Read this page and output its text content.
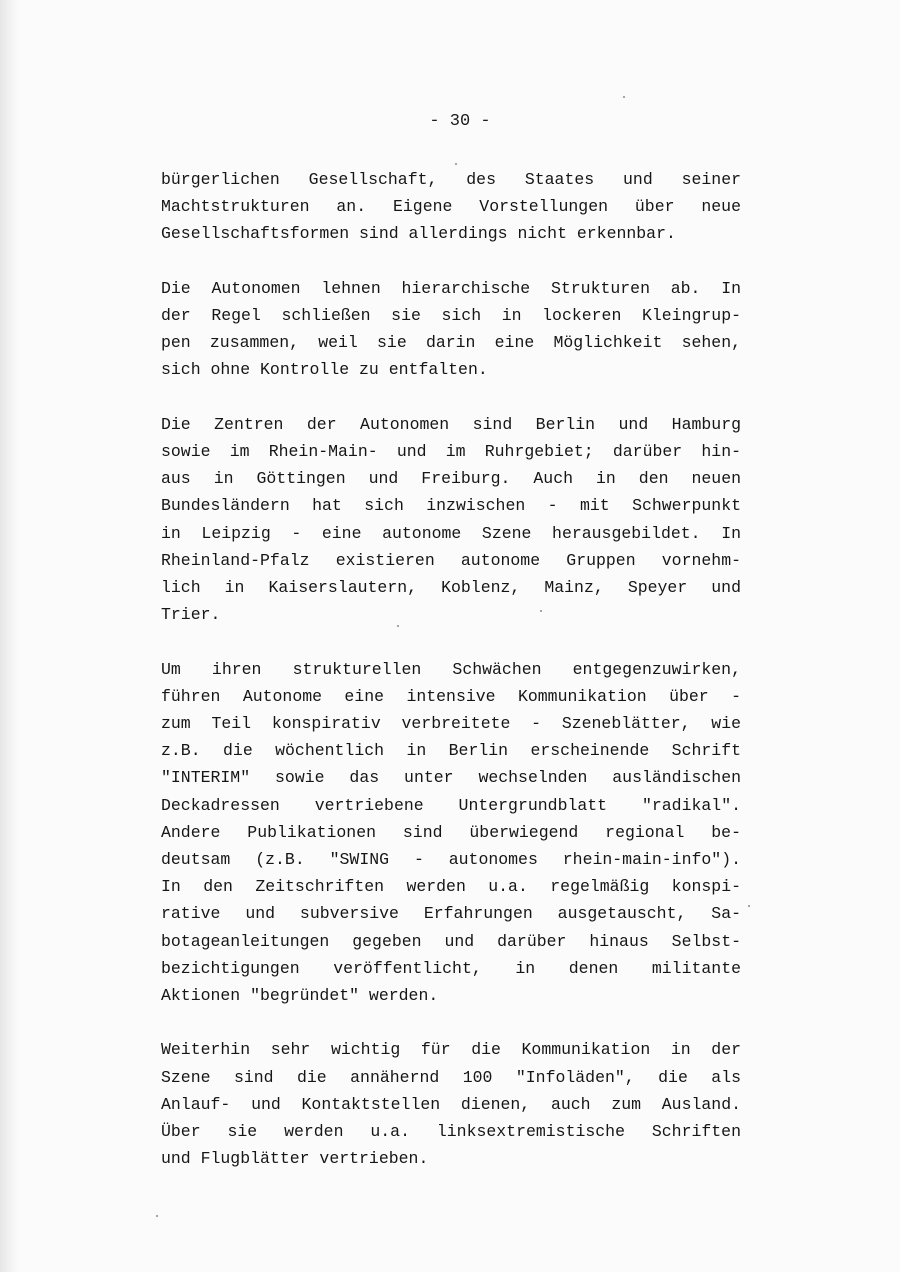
- 30 -
bürgerlichen Gesellschaft, des Staates und seiner
Machtstrukturen an. Eigene Vorstellungen über neue
Gesellschaftsformen sind allerdings nicht erkennbar.
Die Autonomen lehnen hierarchische Strukturen ab. In
der Regel schließen sie sich in lockeren Kleingrup-
pen zusammen, weil sie darin eine Möglichkeit sehen,
sich ohne Kontrolle zu entfalten.
Die Zentren der Autonomen sind Berlin und Hamburg
sowie im Rhein-Main- und im Ruhrgebiet; darüber hin-
aus in Göttingen und Freiburg. Auch in den neuen
Bundesländern hat sich inzwischen - mit Schwerpunkt
in Leipzig - eine autonome Szene herausgebildet. In
Rheinland-Pfalz existieren autonome Gruppen vornehm-
lich in Kaiserslautern, Koblenz, Mainz, Speyer und
Trier.
Um ihren strukturellen Schwächen entgegenzuwirken,
führen Autonome eine intensive Kommunikation über -
zum Teil konspirativ verbreitete - Szeneblätter, wie
z.B. die wöchentlich in Berlin erscheinende Schrift
"INTERIM" sowie das unter wechselnden ausländischen
Deckadressen vertriebene Untergrundblatt "radikal".
Andere Publikationen sind überwiegend regional be-
deutsam (z.B. "SWING - autonomes rhein-main-info").
In den Zeitschriften werden u.a. regelmäßig konspi-
rative und subversive Erfahrungen ausgetauscht, Sa-
botageanleitungen gegeben und darüber hinaus Selbst-
bezichtigungen veröffentlicht, in denen militante
Aktionen "begründet" werden.
Weiterhin sehr wichtig für die Kommunikation in der
Szene sind die annähernd 100 "Infoläden", die als
Anlauf- und Kontaktstellen dienen, auch zum Ausland.
Über sie werden u.a. linksextremistische Schriften
und Flugblätter vertrieben.
